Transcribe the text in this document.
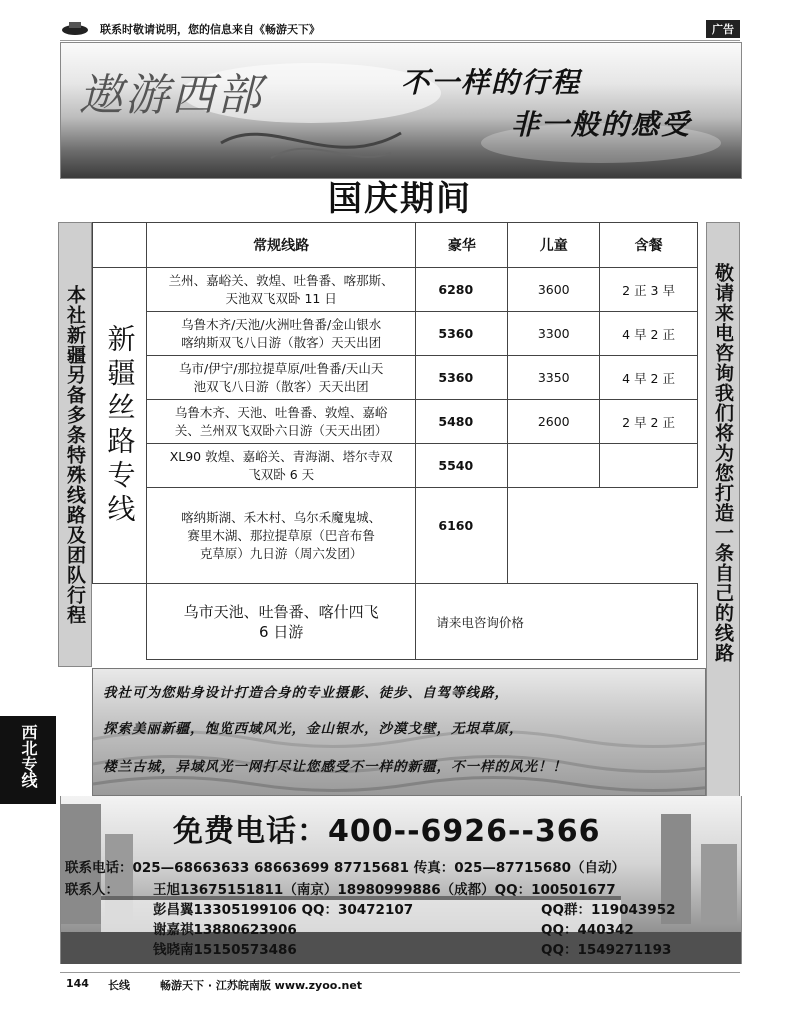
联系时敬请说明，您的信息来自《畅游天下》	广告
遨游西部	不一样的行程
非一般的感受
国庆期间
本社新疆另备多条特殊线路及团队行程	敬请来电咨询我们将为您打造一条自己的线路
	常规线路	豪华	儿童	含餐

新疆丝路专线	兰州、嘉峪关、敦煌、吐鲁番、喀那斯、
天池双飞双卧 11 日	6280	3600	2 正 3 早
	乌鲁木齐/天池/火洲吐鲁番/金山银水
喀纳斯双飞八日游（散客）天天出团	5360	3300	4 早 2 正
	乌市/伊宁/那拉提草原/吐鲁番/天山天
池双飞八日游（散客）天天出团	5360	3350	4 早 2 正
	乌鲁木齐、天池、吐鲁番、敦煌、嘉峪
关、兰州双飞双卧六日游（天天出团）	5480	2600	2 早 2 正
	XL90 敦煌、嘉峪关、青海湖、塔尔寺双
飞双卧 6 天	5540		
	喀纳斯湖、禾木村、乌尔禾魔鬼城、
赛里木湖、那拉提草原（巴音布鲁
克草原）九日游（周六发团）	6160		
	乌市天池、吐鲁番、喀什四飞
6 日游	请来电咨询价格		
我社可为您贴身设计打造合身的专业摄影、徒步、自驾等线路，
探索美丽新疆，饱览西域风光，金山银水，沙漠戈壁，无垠草原，
楼兰古城，异域风光一网打尽让您感受不一样的新疆，不一样的风光！！
西北专线
免费电话：400--6926--366
联系电话：025—68663633 68663699 87715681 传真：025—87715680（自动）
联系人：	王旭13675151811（南京）18980999886（成都）QQ：100501677
彭昌翼13305199106 QQ：30472107	QQ群：119043952
谢嘉祺13880623906	QQ：440342
钱晓南15150573486	QQ：1549271193
144 长线	畅游天下 · 江苏皖南版 www.zyoo.net
